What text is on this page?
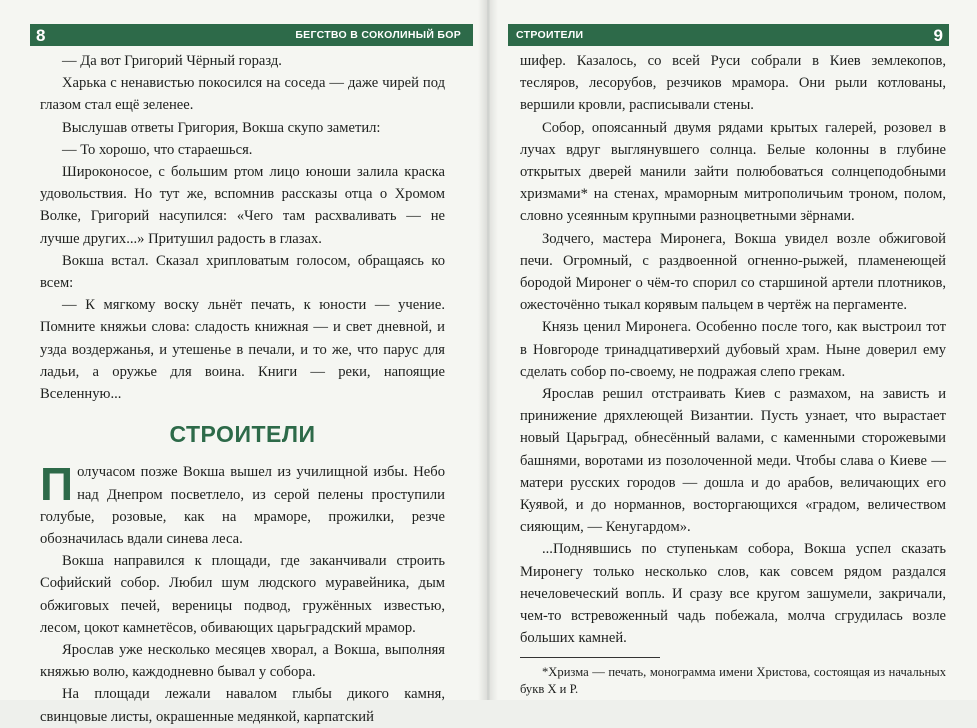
8	БЕГСТВО В СОКОЛИНЫЙ БОР

— Да вот Григорий Чёрный горазд.

Харька с ненавистью покосился на соседа — даже чирей под глазом стал ещё зеленее.

Выслушав ответы Григория, Вокша скупо заметил:

— То хорошо, что стараешься.

Широконосое, с большим ртом лицо юноши залила краска удовольствия. Но тут же, вспомнив рассказы отца о Хромом Волке, Григорий насупился: «Чего там расхваливать — не лучше других...» Притушил радость в глазах.

Вокша встал. Сказал хрипловатым голосом, обращаясь ко всем:

— К мягкому воску льнёт печать, к юности — учение. Помните княжьи слова: сладость книжная — и свет дневной, и узда воздержанья, и утешенье в печали, и то же, что парус для ладьи, а оружье для воина. Книги — реки, напоящие Вселенную...

СТРОИТЕЛИ

Получасом позже Вокша вышел из училищной избы. Небо над Днепром посветлело, из серой пелены проступили голубые, розовые, как на мраморе, прожилки, резче обозначилась вдали синева леса.

Вокша направился к площади, где заканчивали строить Софийский собор. Любил шум людского муравейника, дым обжиговых печей, вереницы подвод, гружённых известью, лесом, цокот камнетёсов, обивающих царьградский мрамор.

Ярослав уже несколько месяцев хворал, а Вокша, выполняя княжью волю, каждодневно бывал у собора.

На площади лежали навалом глыбы дикого камня, свинцовые листы, окрашенные медянкой, карпатский

СТРОИТЕЛИ	9

шифер. Казалось, со всей Руси собрали в Киев землекопов, тесляров, лесорубов, резчиков мрамора. Они рыли котлованы, вершили кровли, расписывали стены.

Собор, опоясанный двумя рядами крытых галерей, розовел в лучах вдруг выглянувшего солнца. Белые колонны в глубине открытых дверей манили зайти полюбоваться солнцеподобными хризмами* на стенах, мраморным митрополичьим троном, полом, словно усеянным крупными разноцветными зёрнами.

Зодчего, мастера Миронега, Вокша увидел возле обжиговой печи. Огромный, с раздвоенной огненно-рыжей, пламенеющей бородой Миронег о чём-то спорил со старшиной артели плотников, ожесточённо тыкал корявым пальцем в чертёж на пергаменте.

Князь ценил Миронега. Особенно после того, как выстроил тот в Новгороде тринадцативерхий дубовый храм. Ныне доверил ему сделать собор по-своему, не подражая слепо грекам.

Ярослав решил отстраивать Киев с размахом, на зависть и принижение дряхлеющей Византии. Пусть узнает, что вырастает новый Царьград, обнесённый валами, с каменными сторожевыми башнями, воротами из позолоченной меди. Чтобы слава о Киеве — матери русских городов — дошла и до арабов, величающих его Куявой, и до норманнов, восторгающихся «градом, величеством сияющим, — Кенугардом».

...Поднявшись по ступенькам собора, Вокша успел сказать Миронегу только несколько слов, как совсем рядом раздался нечеловеческий вопль. И сразу все кругом зашумели, закричали, чем-то встревоженный чадь побежала, молча сгрудилась возле больших камней.

*Хризма — печать, монограмма имени Христова, состоящая из начальных букв Х и Р.
